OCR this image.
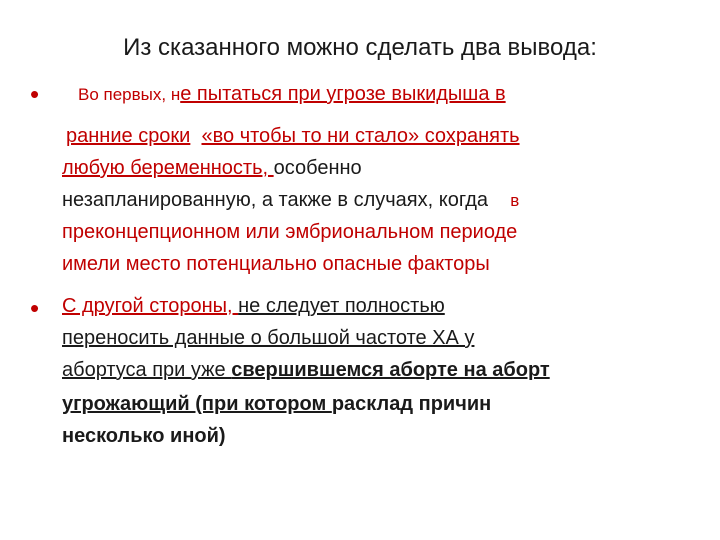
Из сказанного можно сделать два вывода:
• Во первых, не пытаться при угрозе выкидыша в
ранние сроки «во чтобы то ни стало» сохранять
любую беременность, особенно
незапланированную, а также в случаях, когда в
преконцепционном или эмбриональном периоде
имели место потенциально опасные факторы
• С другой стороны, не следует полностью
переносить данные о большой частоте ХА у
абортуса при уже свершившемся аборте на аборт
угрожающий (при котором расклад причин
несколько иной)
